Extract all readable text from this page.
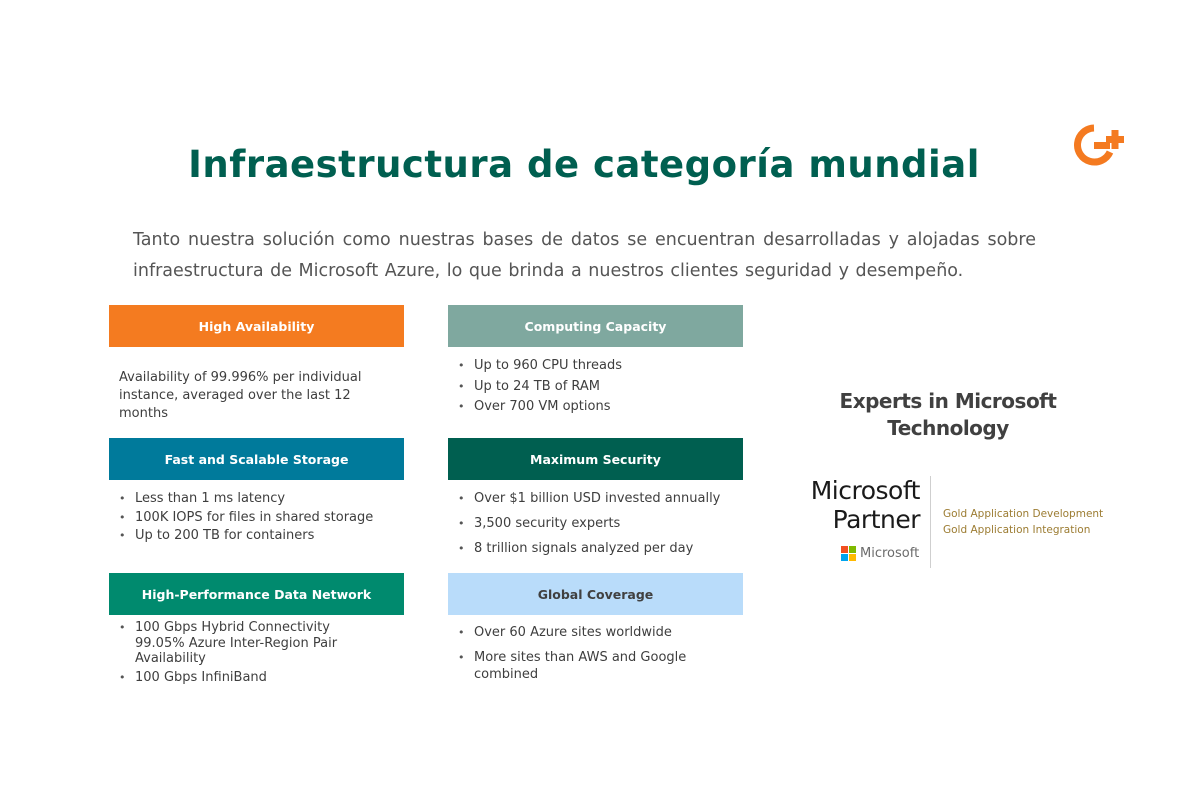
Infraestructura de categoría mundial

Tanto nuestra solución como nuestras bases de datos se encuentran desarrolladas y alojadas sobre infraestructura de Microsoft Azure, lo que brinda a nuestros clientes seguridad y desempeño.

High Availability
Availability of 99.996% per individual instance, averaged over the last 12 months
Computing Capacity
• Up to 960 CPU threads
• Up to 24 TB of RAM
• Over 700 VM options
Fast and Scalable Storage
• Less than 1 ms latency
• 100K IOPS for files in shared storage
• Up to 200 TB for containers
Maximum Security
• Over $1 billion USD invested annually
• 3,500 security experts
• 8 trillion signals analyzed per day
High-Performance Data Network
• 100 Gbps Hybrid Connectivity
99.05% Azure Inter-Region Pair Availability
• 100 Gbps InfiniBand
Global Coverage
• Over 60 Azure sites worldwide
• More sites than AWS and Google combined
Experts in Microsoft
Technology
Microsoft
Partner
Microsoft
Gold Application Development
Gold Application Integration
